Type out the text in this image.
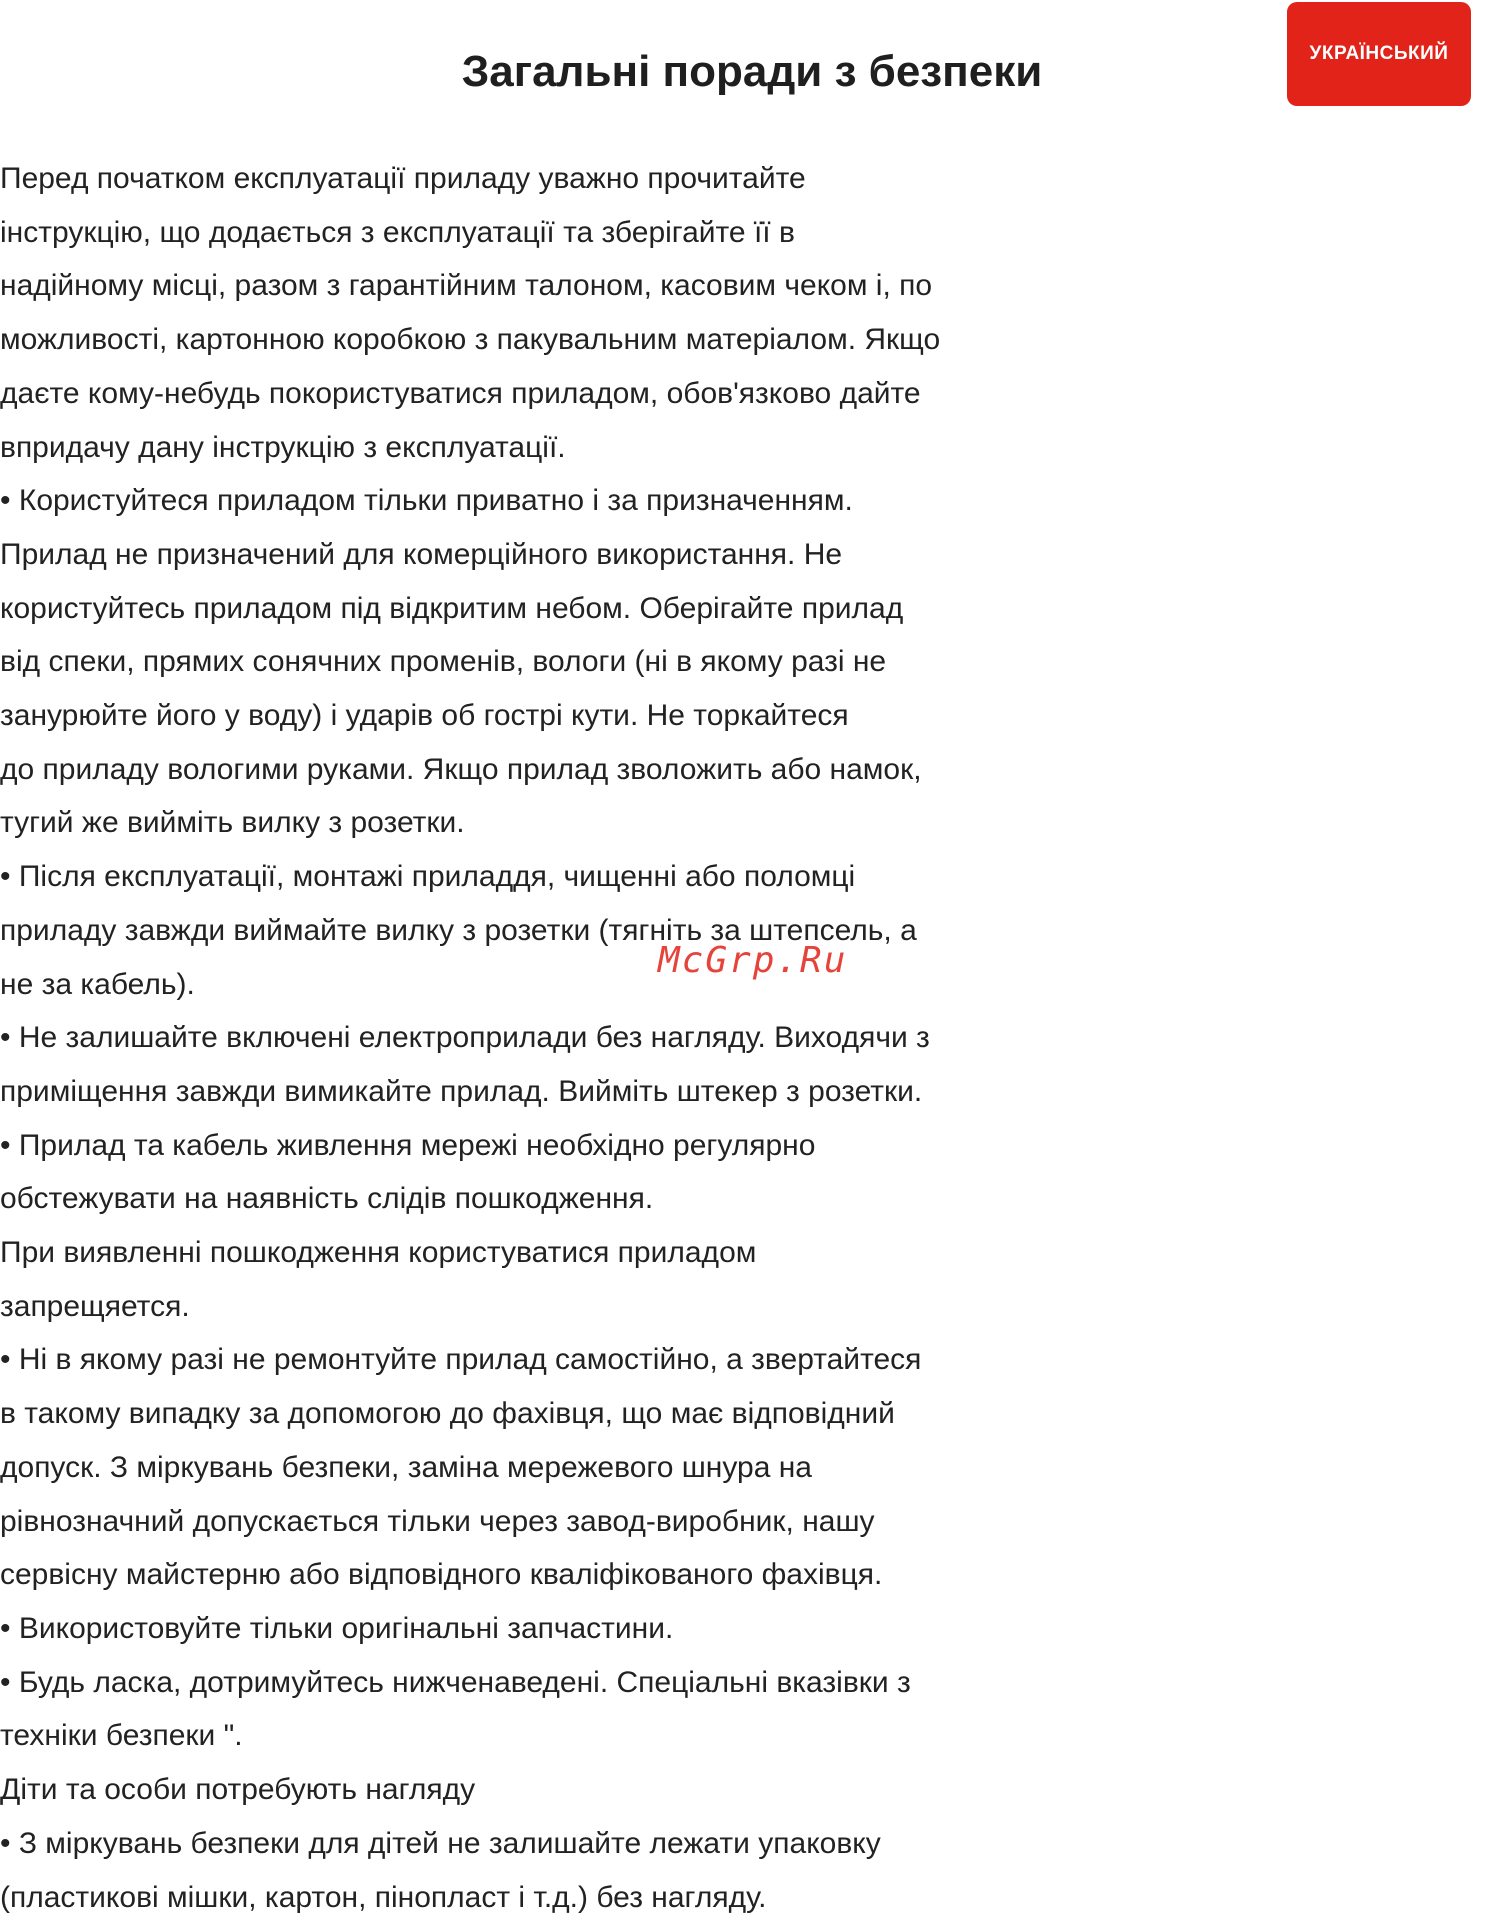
УКРАЇНСЬКИЙ
Загальні поради з безпеки
Перед початком експлуатації приладу уважно прочитайте
інструкцію, що додається з експлуатації та зберігайте її в
надійному місці, разом з гарантійним талоном, касовим чеком і, по
можливості, картонною коробкою з пакувальним матеріалом. Якщо
даєте кому-небудь покористуватися приладом, обов'язково дайте
впридачу дану інструкцію з експлуатації.
• Користуйтеся приладом тільки приватно і за призначенням.
Прилад не призначений для комерційного використання. Не
користуйтесь приладом під відкритим небом. Оберігайте прилад
від спеки, прямих сонячних променів, вологи (ні в якому разі не
занурюйте його у воду) і ударів об гострі кути. Не торкайтеся
до приладу вологими руками. Якщо прилад зволожить або намок,
тугий же вийміть вилку з розетки.
• Після експлуатації, монтажі приладдя, чищенні або поломці
приладу завжди виймайте вилку з розетки (тягніть за штепсель, а
не за кабель).
• Не залишайте включені електроприлади без нагляду. Виходячи з
приміщення завжди вимикайте прилад. Вийміть штекер з розетки.
• Прилад та кабель живлення мережі необхідно регулярно
обстежувати на наявність слідів пошкодження.
При виявленні пошкодження користуватися приладом
запрещяется.
• Ні в якому разі не ремонтуйте прилад самостійно, а звертайтеся
в такому випадку за допомогою до фахівця, що має відповідний
допуск. З міркувань безпеки, заміна мережевого шнура на
рівнозначний допускається тільки через завод-виробник, нашу
сервісну майстерню або відповідного кваліфікованого фахівця.
• Використовуйте тільки оригінальні запчастини.
• Будь ласка, дотримуйтесь нижченаведені. Спеціальні вказівки з
техніки безпеки ".
Діти та особи потребують нагляду
• З міркувань безпеки для дітей не залишайте лежати упаковку
(пластикові мішки, картон, пінопласт і т.д.) без нагляду.
McGrp.Ru
